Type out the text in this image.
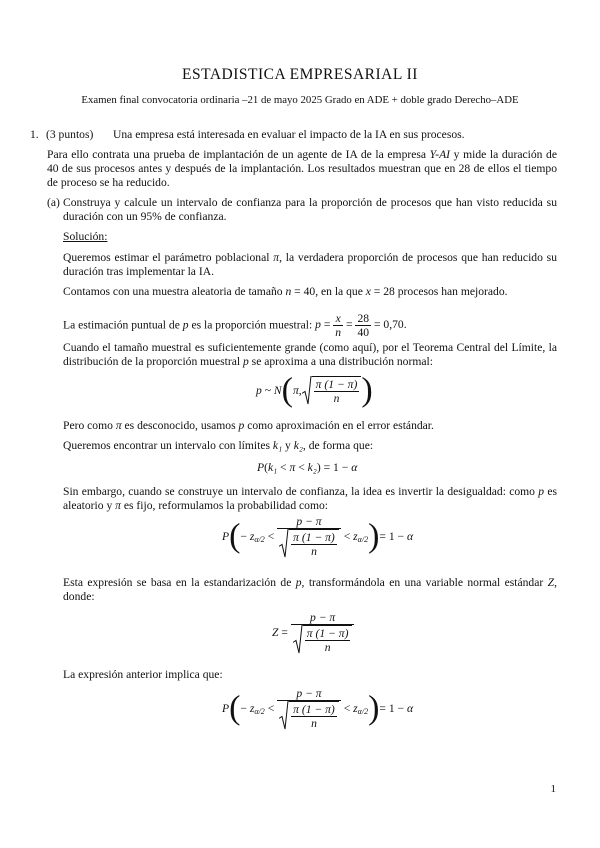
ESTADISTICA EMPRESARIAL II
Examen final convocatoria ordinaria –21 de mayo 2025 Grado en ADE + doble grado Derecho–ADE
1. (3 puntos) Una empresa está interesada en evaluar el impacto de la IA en sus procesos.
Para ello contrata una prueba de implantación de un agente de IA de la empresa Y-AI y mide la duración de 40 de sus procesos antes y después de la implantación. Los resultados muestran que en 28 de ellos el tiempo de proceso se ha reducido.
(a) Construya y calcule un intervalo de confianza para la proporción de procesos que han visto reducida su duración con un 95% de confianza.
Solución:
Queremos estimar el parámetro poblacional π, la verdadera proporción de procesos que han reducido su duración tras implementar la IA.
Contamos con una muestra aleatoria de tamaño n = 40, en la que x = 28 procesos han mejorado.
La estimación puntual de p es la proporción muestral: $p = \frac{x}{n} = \frac{28}{40} = 0,70$.
Cuando el tamaño muestral es suficientemente grande (como aquí), por el Teorema Central del Límite, la distribución de la proporción muestral p se aproxima a una distribución normal:
p ~ N(π, $\frac{\pi (1 - \pi)}{n}$ )
Pero como π es desconocido, usamos p como aproximación en el error estándar.
Queremos encontrar un intervalo con límites k₁ y k₂, de forma que:
P(k₁ < π < k₂) = 1 − α
Sin embargo, cuando se construye un intervalo de confianza, la idea es invertir la desigualdad: como p es aleatorio y π es fijo, reformulamos la probabilidad como:
$P(- z_{\alpha/2} < \frac{p - \pi}{\frac{\pi (1 - \pi)}{n}} < z_{\alpha/2})= 1 - \alpha$
Esta expresión se basa en la estandarización de p, transformándola en una variable normal estándar Z, donde:
$Z = \frac{p - \pi}{\frac{\pi (1 - \pi)}{n}}$
La expresión anterior implica que:
$P(- z_{\alpha/2} < \frac{p - \pi}{\frac{\pi (1 - \pi)}{n}} < z_{\alpha/2})= 1 - \alpha$
1
